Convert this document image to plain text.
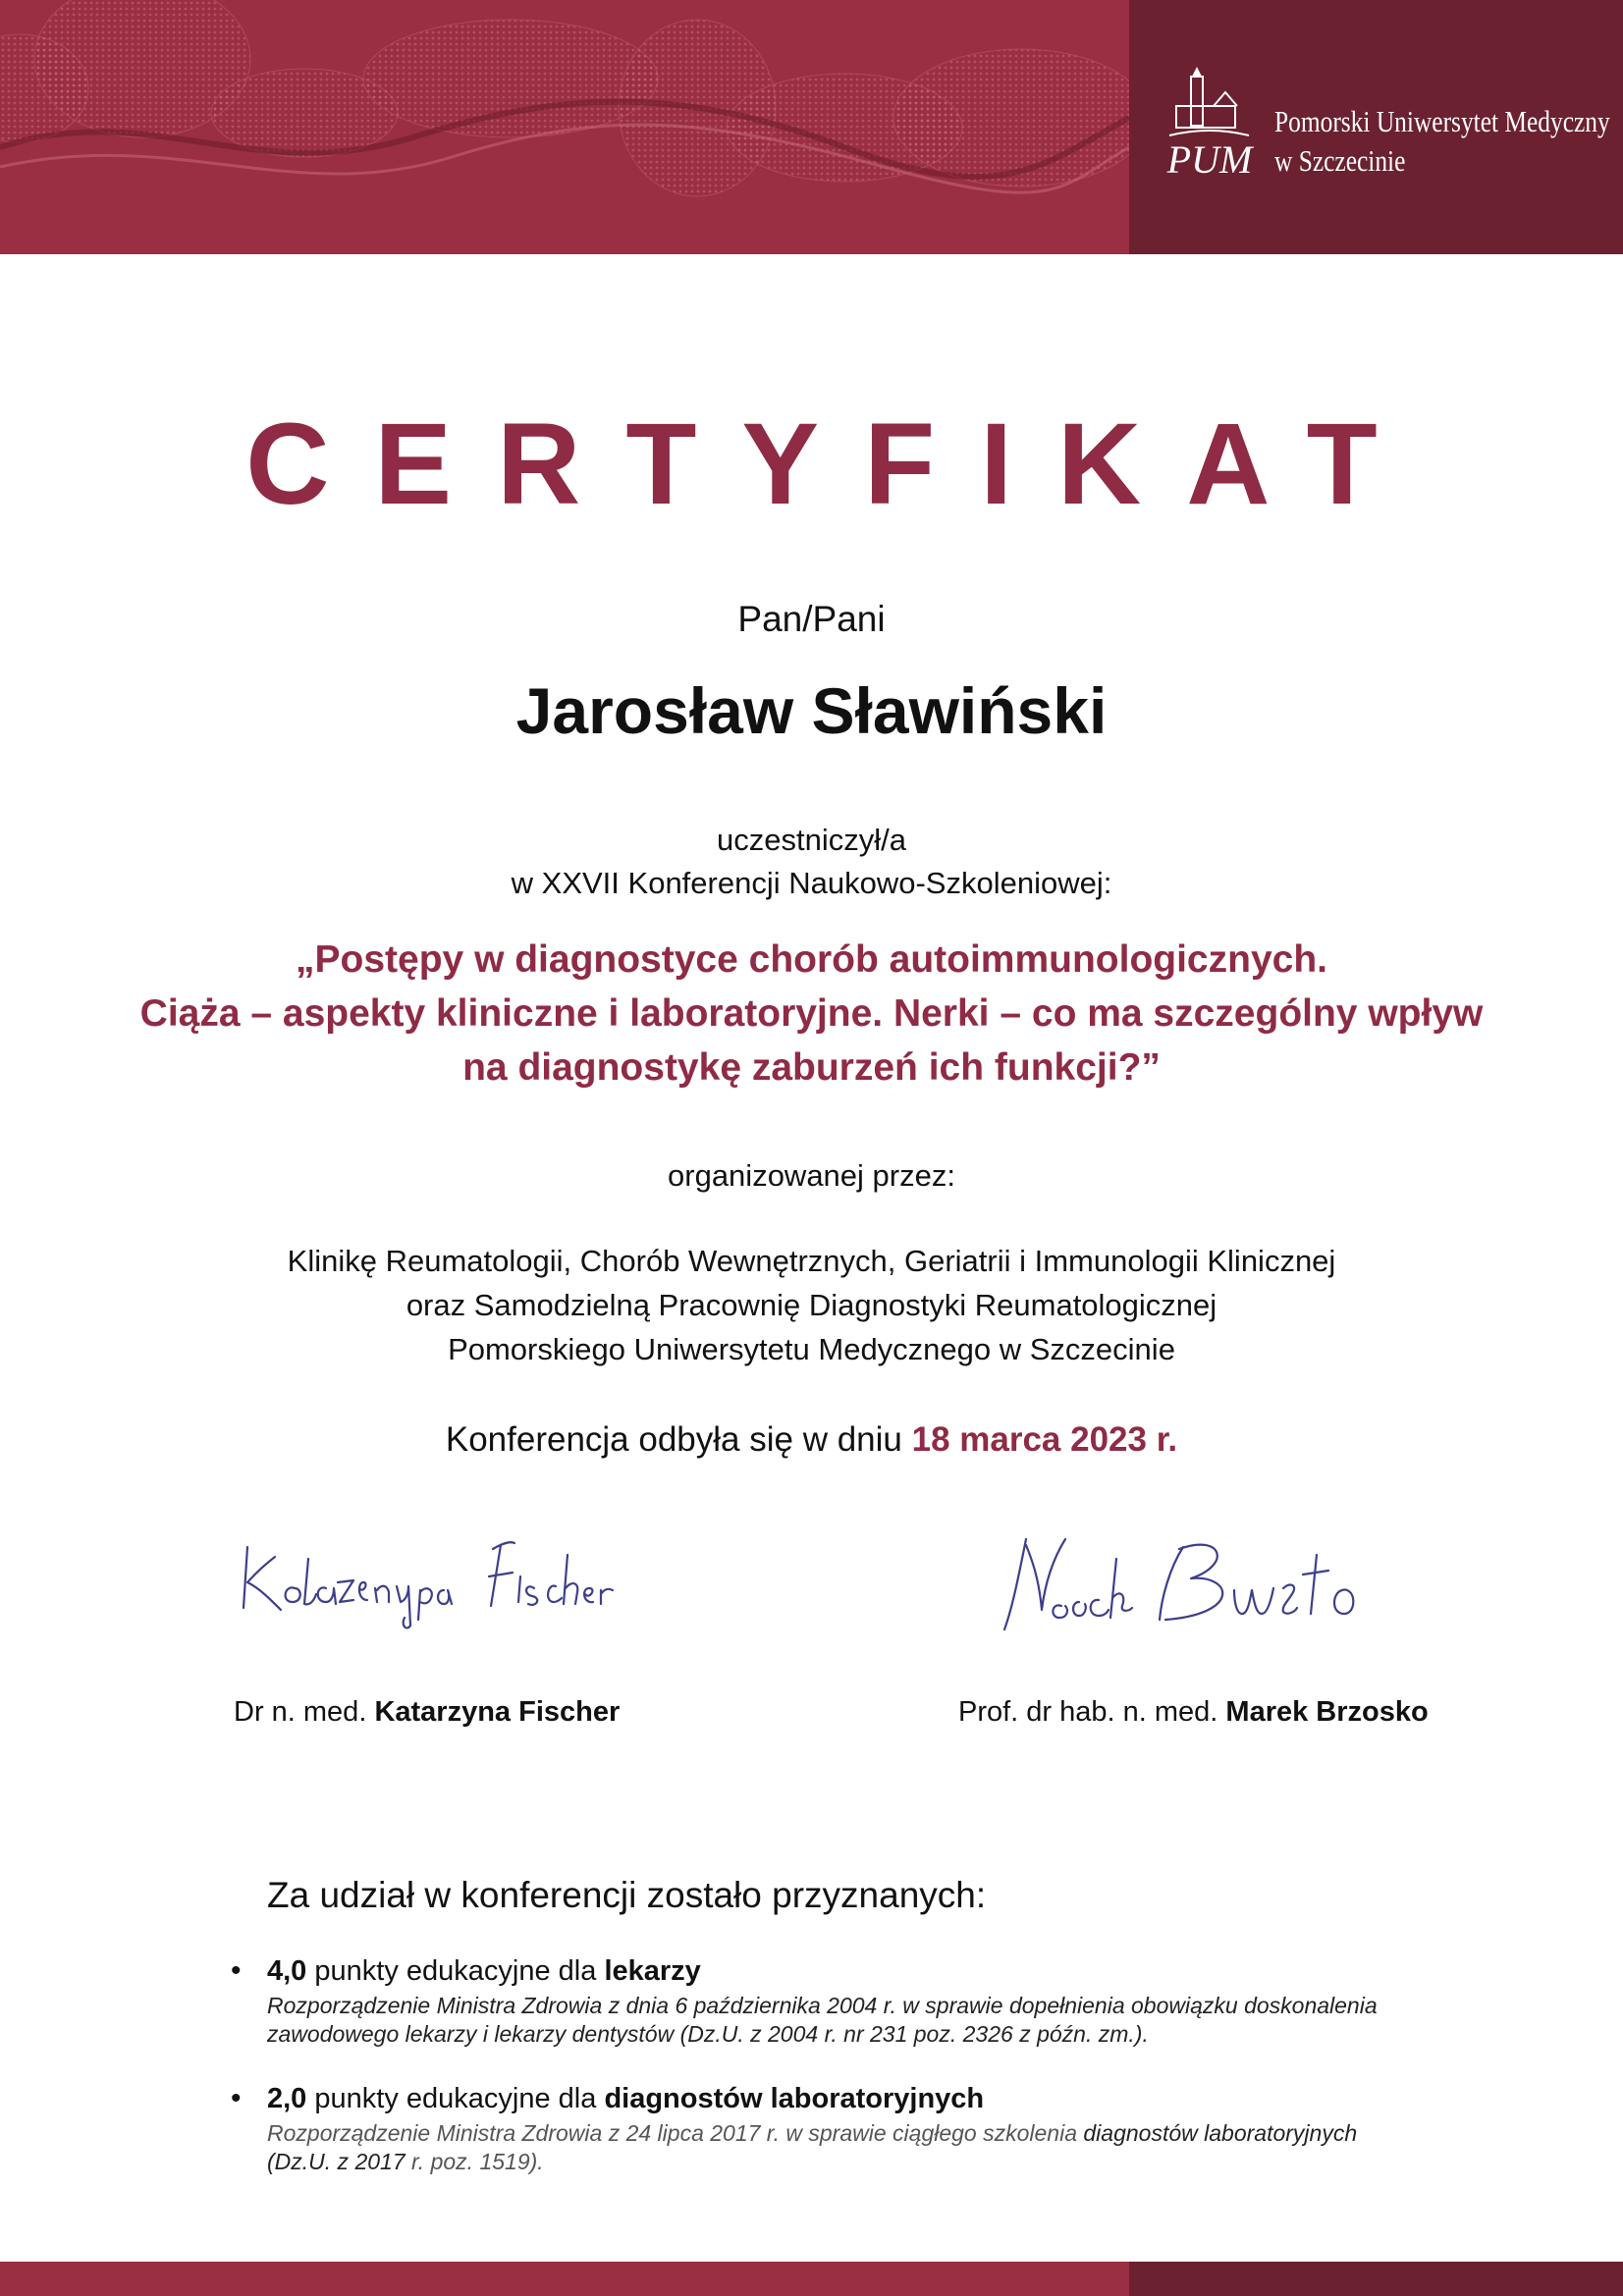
PUM
Pomorski Uniwersytet Medyczny
w Szczecinie
CERTYFIKAT
Pan/Pani
Jarosław Sławiński
uczestniczył/a
w XXVII Konferencji Naukowo-Szkoleniowej:
„Postępy w diagnostyce chorób autoimmunologicznych.
Ciąża – aspekty kliniczne i laboratoryjne. Nerki – co ma szczególny wpływ
na diagnostykę zaburzeń ich funkcji?”
organizowanej przez:
Klinikę Reumatologii, Chorób Wewnętrznych, Geriatrii i Immunologii Klinicznej
oraz Samodzielną Pracownię Diagnostyki Reumatologicznej
Pomorskiego Uniwersytetu Medycznego w Szczecinie
Konferencja odbyła się w dniu 18 marca 2023 r.
Dr n. med. Katarzyna Fischer	Prof. dr hab. n. med. Marek Brzosko
Za udział w konferencji zostało przyznanych:
• 4,0 punkty edukacyjne dla lekarzy
Rozporządzenie Ministra Zdrowia z dnia 6 października 2004 r. w sprawie dopełnienia obowiązku doskonalenia
zawodowego lekarzy i lekarzy dentystów (Dz.U. z 2004 r. nr 231 poz. 2326 z późn. zm.).
• 2,0 punkty edukacyjne dla diagnostów laboratoryjnych
Rozporządzenie Ministra Zdrowia z 24 lipca 2017 r. w sprawie ciągłego szkolenia diagnostów laboratoryjnych
(Dz.U. z 2017 r. poz. 1519).
